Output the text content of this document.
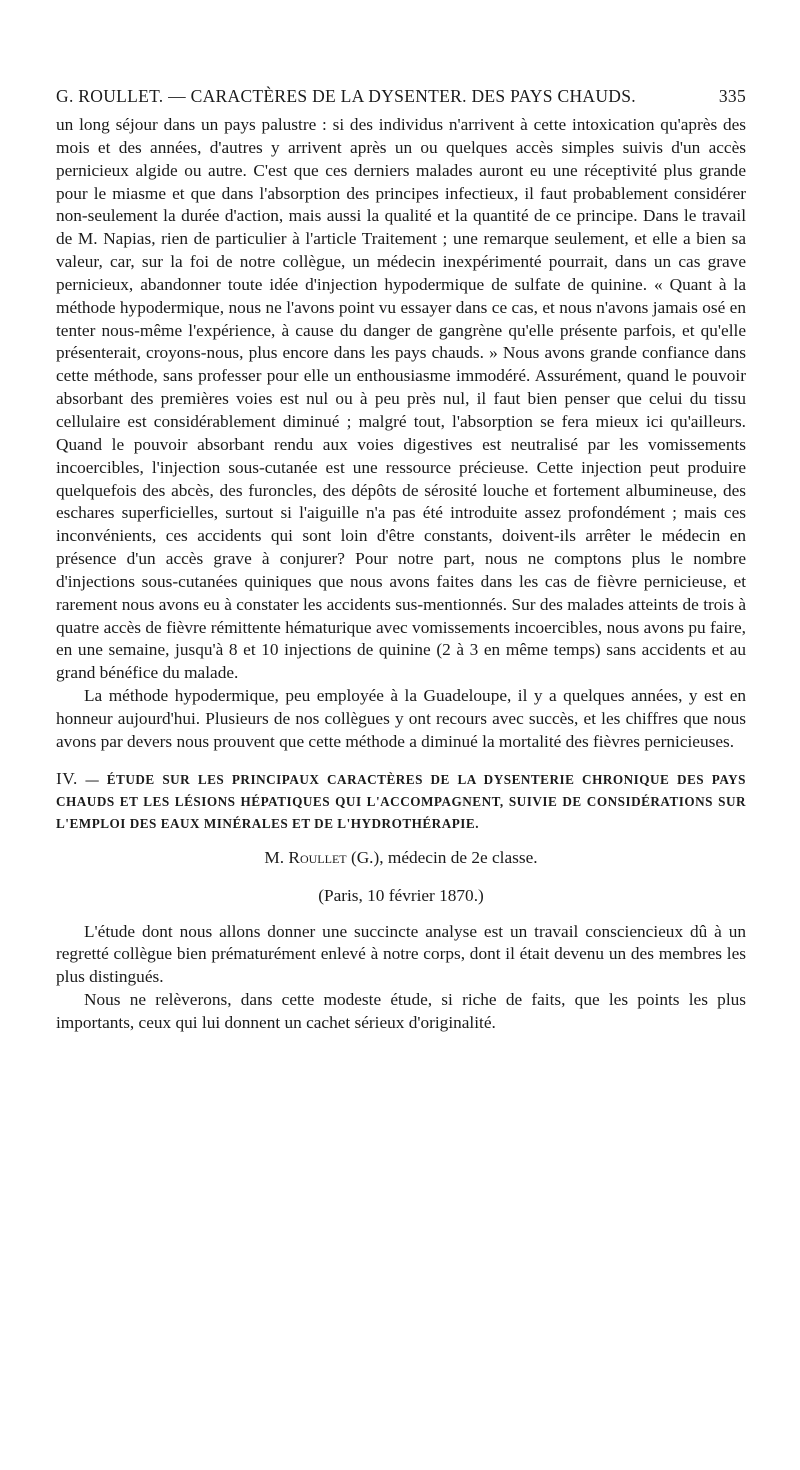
G. ROULLET. — CARACTÈRES DE LA DYSENTER. DES PAYS CHAUDS.	335

un long séjour dans un pays palustre : si des individus n'arrivent à cette intoxication qu'après des mois et des années, d'autres y arrivent après un ou quelques accès simples suivis d'un accès pernicieux algide ou autre. C'est que ces derniers malades auront eu une réceptivité plus grande pour le miasme et que dans l'absorption des principes infectieux, il faut probablement considérer non-seulement la durée d'action, mais aussi la qualité et la quantité de ce principe. Dans le travail de M. Napias, rien de particulier à l'article Traitement ; une remarque seulement, et elle a bien sa valeur, car, sur la foi de notre collègue, un médecin inexpérimenté pourrait, dans un cas grave pernicieux, abandonner toute idée d'injection hypodermique de sulfate de quinine. « Quant à la méthode hypodermique, nous ne l'avons point vu essayer dans ce cas, et nous n'avons jamais osé en tenter nous-même l'expérience, à cause du danger de gangrène qu'elle présente parfois, et qu'elle présenterait, croyons-nous, plus encore dans les pays chauds. » Nous avons grande confiance dans cette méthode, sans professer pour elle un enthousiasme immodéré. Assurément, quand le pouvoir absorbant des premières voies est nul ou à peu près nul, il faut bien penser que celui du tissu cellulaire est considérablement diminué ; malgré tout, l'absorption se fera mieux ici qu'ailleurs. Quand le pouvoir absorbant rendu aux voies digestives est neutralisé par les vomissements incoercibles, l'injection sous-cutanée est une ressource précieuse. Cette injection peut produire quelquefois des abcès, des furoncles, des dépôts de sérosité louche et fortement albumineuse, des eschares superficielles, surtout si l'aiguille n'a pas été introduite assez profondément ; mais ces inconvénients, ces accidents qui sont loin d'être constants, doivent-ils arrêter le médecin en présence d'un accès grave à conjurer? Pour notre part, nous ne comptons plus le nombre d'injections sous-cutanées quiniques que nous avons faites dans les cas de fièvre pernicieuse, et rarement nous avons eu à constater les accidents sus-mentionnés. Sur des malades atteints de trois à quatre accès de fièvre rémittente hématurique avec vomissements incoercibles, nous avons pu faire, en une semaine, jusqu'à 8 et 10 injections de quinine (2 à 3 en même temps) sans accidents et au grand bénéfice du malade.

La méthode hypodermique, peu employée à la Guadeloupe, il y a quelques années, y est en honneur aujourd'hui. Plusieurs de nos collègues y ont recours avec succès, et les chiffres que nous avons par devers nous prouvent que cette méthode a diminué la mortalité des fièvres pernicieuses.

IV. — ÉTUDE SUR LES PRINCIPAUX CARACTÈRES DE LA DYSENTERIE CHRONIQUE DES PAYS CHAUDS ET LES LÉSIONS HÉPATIQUES QUI L'ACCOMPAGNENT, SUIVIE DE CONSIDÉRATIONS SUR L'EMPLOI DES EAUX MINÉRALES ET DE L'HYDROTHÉRAPIE.

M. Roullet (G.), médecin de 2e classe.

(Paris, 10 février 1870.)

L'étude dont nous allons donner une succincte analyse est un travail consciencieux dû à un regretté collègue bien prématurément enlevé à notre corps, dont il était devenu un des membres les plus distingués.

Nous ne relèverons, dans cette modeste étude, si riche de faits, que les points les plus importants, ceux qui lui donnent un cachet sérieux d'originalité.
